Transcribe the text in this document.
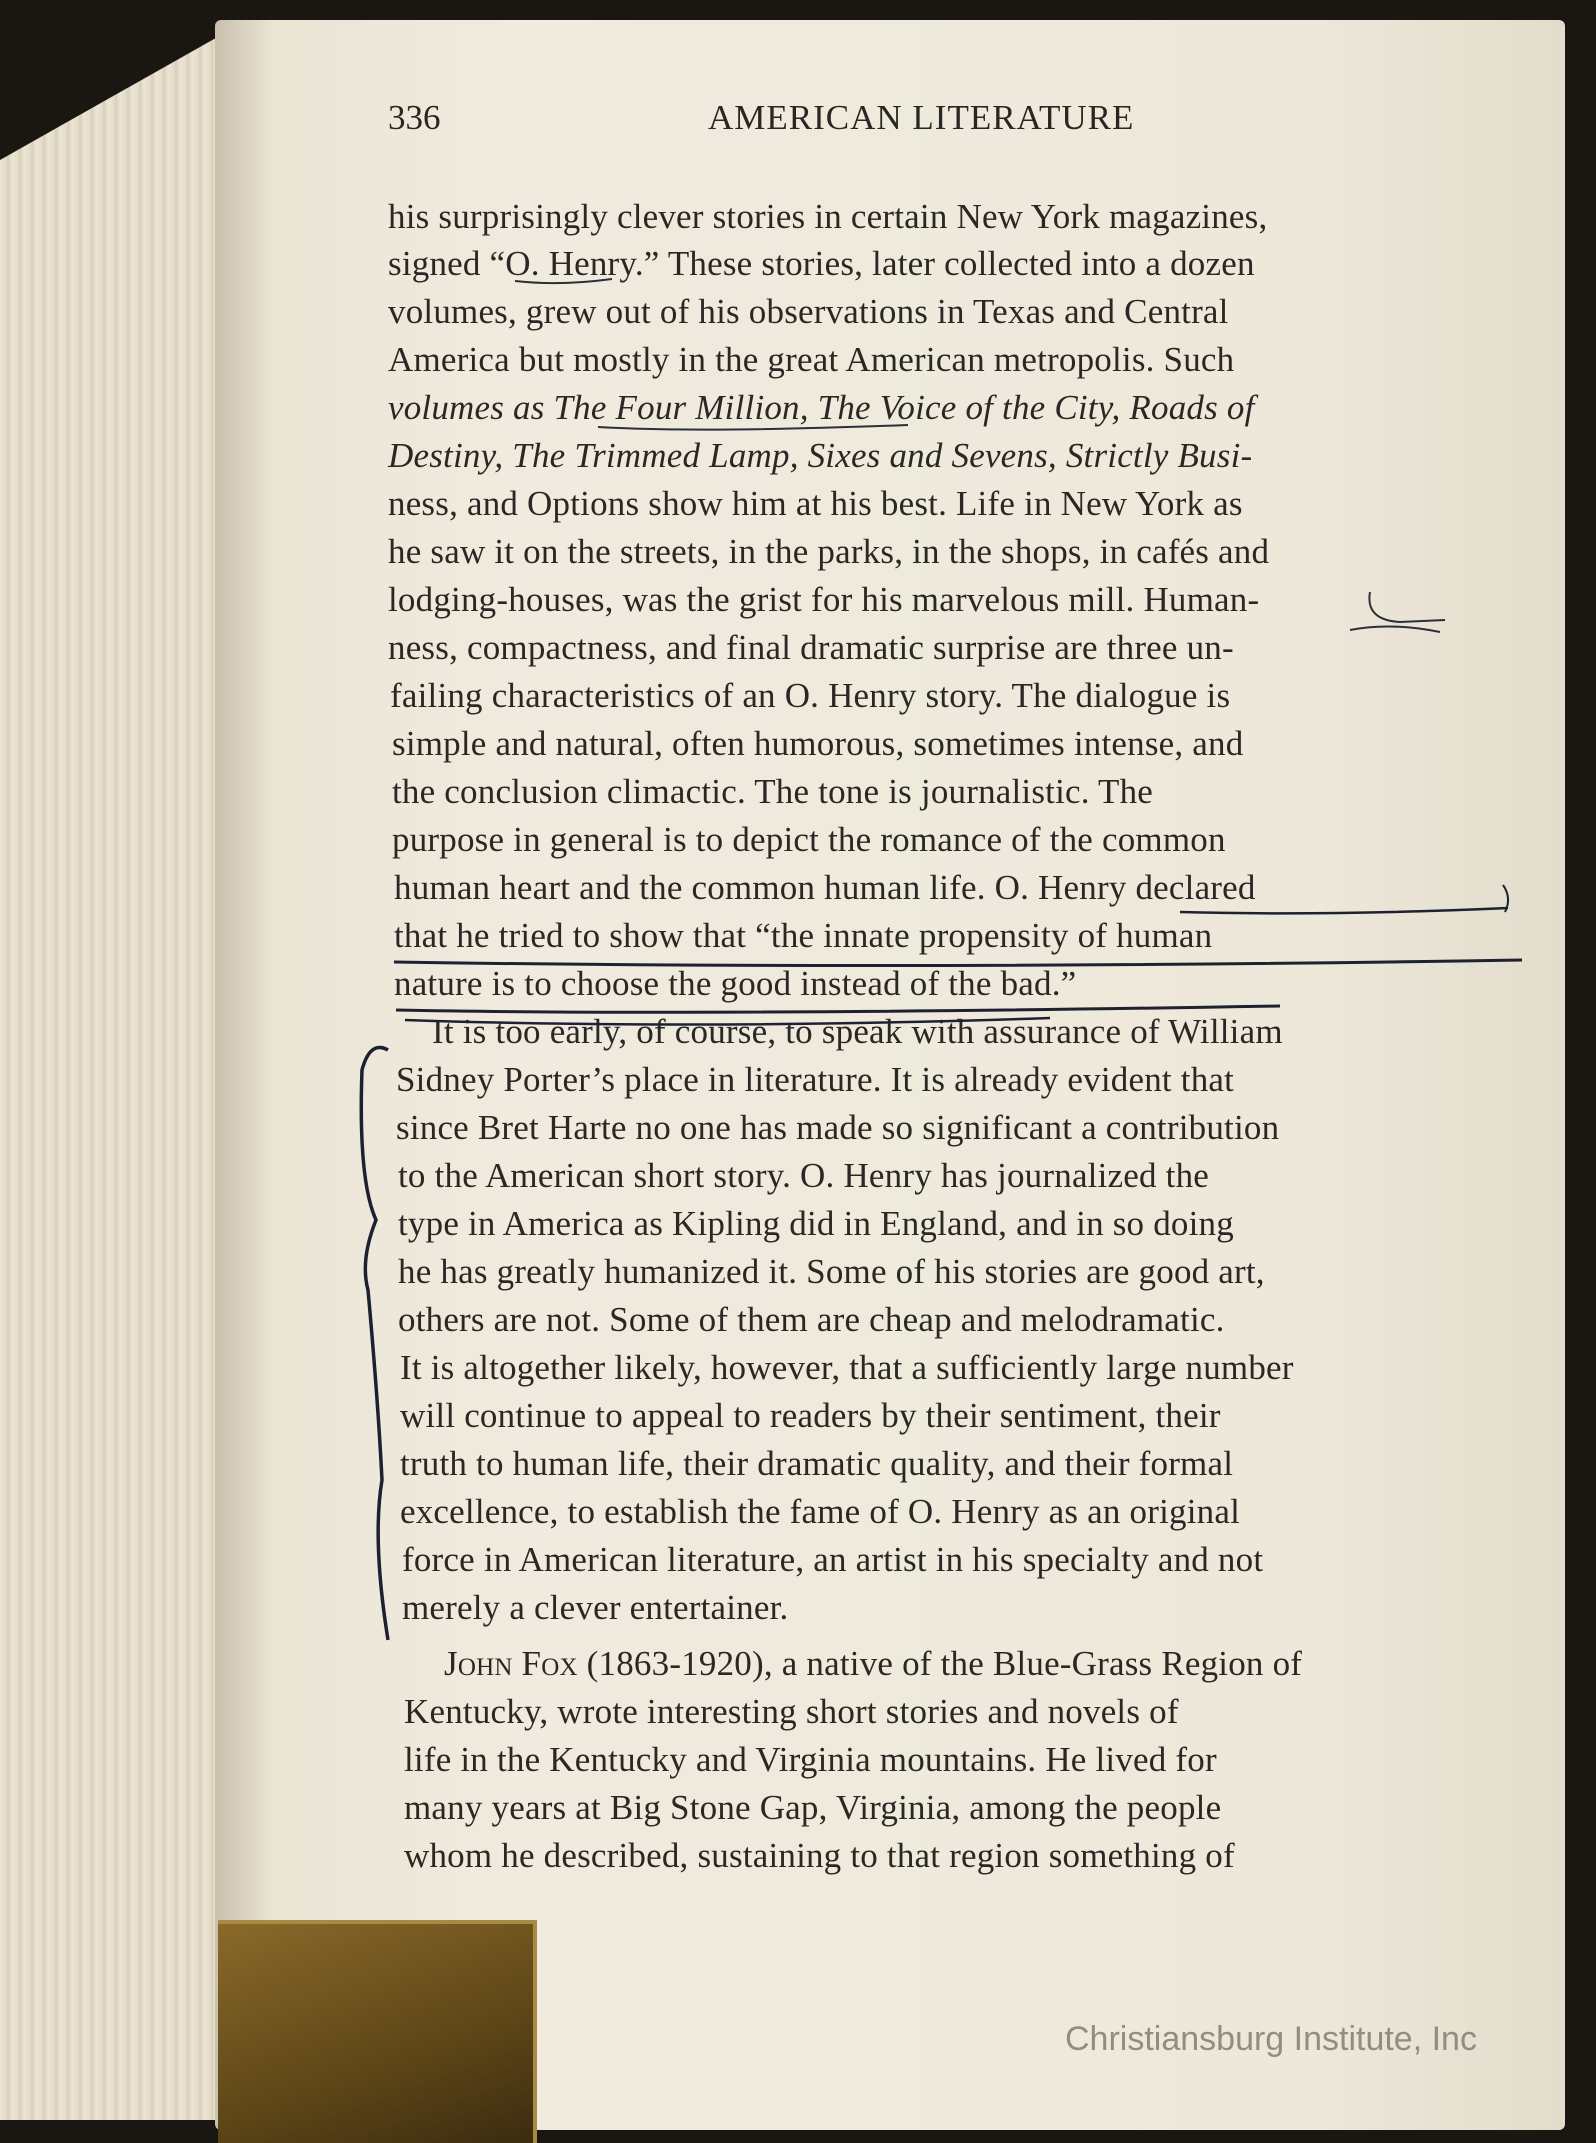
336	AMERICAN LITERATURE
his surprisingly clever stories in certain New York magazines,
signed “O. Henry.” These stories, later collected into a dozen
volumes, grew out of his observations in Texas and Central
America but mostly in the great American metropolis. Such
volumes as The Four Million, The Voice of the City, Roads of
Destiny, The Trimmed Lamp, Sixes and Sevens, Strictly Busi-
ness, and Options show him at his best. Life in New York as
he saw it on the streets, in the parks, in the shops, in cafés and
lodging-houses, was the grist for his marvelous mill. Human-
ness, compactness, and final dramatic surprise are three un-
failing characteristics of an O. Henry story. The dialogue is
simple and natural, often humorous, sometimes intense, and
the conclusion climactic. The tone is journalistic. The
purpose in general is to depict the romance of the common
human heart and the common human life. O. Henry declared
that he tried to show that “the innate propensity of human
nature is to choose the good instead of the bad.”
It is too early, of course, to speak with assurance of William
Sidney Porter’s place in literature. It is already evident that
since Bret Harte no one has made so significant a contribution
to the American short story. O. Henry has journalized the
type in America as Kipling did in England, and in so doing
he has greatly humanized it. Some of his stories are good art,
others are not. Some of them are cheap and melodramatic.
It is altogether likely, however, that a sufficiently large number
will continue to appeal to readers by their sentiment, their
truth to human life, their dramatic quality, and their formal
excellence, to establish the fame of O. Henry as an original
force in American literature, an artist in his specialty and not
merely a clever entertainer.
John Fox (1863-1920), a native of the Blue-Grass Region of
Kentucky, wrote interesting short stories and novels of
life in the Kentucky and Virginia mountains. He lived for
many years at Big Stone Gap, Virginia, among the people
whom he described, sustaining to that region something of
Christiansburg Institute, Inc
